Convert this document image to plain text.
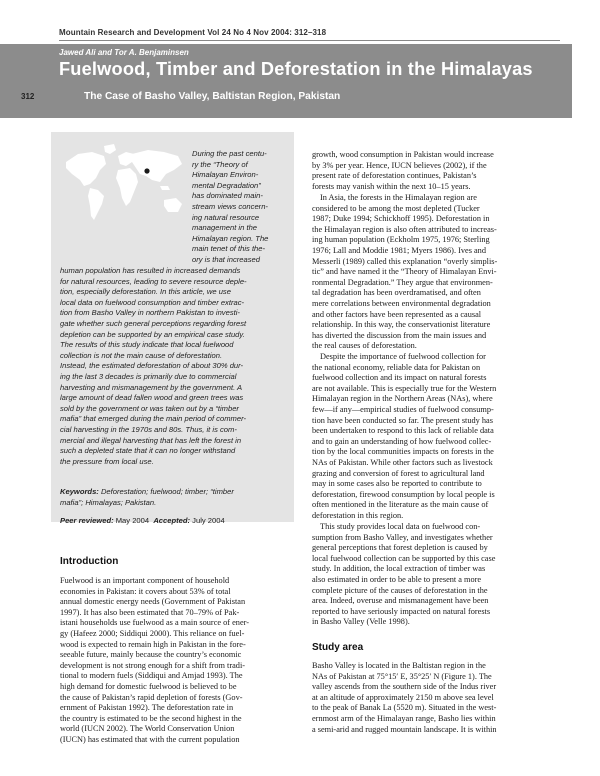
Mountain Research and Development Vol 24 No 4 Nov 2004: 312–318
Jawed Ali and Tor A. Benjaminsen
Fuelwood, Timber and Deforestation in the Himalayas
312	The Case of Basho Valley, Baltistan Region, Pakistan
During the past centu-
ry the “Theory of
Himalayan Environ-
mental Degradation”
has dominated main-
stream views concern-
ing natural resource
management in the
Himalayan region. The
main tenet of this the-
ory is that increased
human population has resulted in increased demands
for natural resources, leading to severe resource deple-
tion, especially deforestation. In this article, we use
local data on fuelwood consumption and timber extrac-
tion from Basho Valley in northern Pakistan to investi-
gate whether such general perceptions regarding forest
depletion can be supported by an empirical case study.
The results of this study indicate that local fuelwood
collection is not the main cause of deforestation.
Instead, the estimated deforestation of about 30% dur-
ing the last 3 decades is primarily due to commercial
harvesting and mismanagement by the government. A
large amount of dead fallen wood and green trees was
sold by the government or was taken out by a “timber
mafia” that emerged during the main period of commer-
cial harvesting in the 1970s and 80s. Thus, it is com-
mercial and illegal harvesting that has left the forest in
such a depleted state that it can no longer withstand
the pressure from local use.
Keywords: Deforestation; fuelwood; timber; “timber
mafia”; Himalayas; Pakistan.
Peer reviewed: May 2004 Accepted: July 2004
Introduction
Fuelwood is an important component of household
economies in Pakistan: it covers about 53% of total
annual domestic energy needs (Government of Pakistan
1997). It has also been estimated that 70–79% of Pak-
istani households use fuelwood as a main source of ener-
gy (Hafeez 2000; Siddiqui 2000). This reliance on fuel-
wood is expected to remain high in Pakistan in the fore-
seeable future, mainly because the country’s economic
development is not strong enough for a shift from tradi-
tional to modern fuels (Siddiqui and Amjad 1993). The
high demand for domestic fuelwood is believed to be
the cause of Pakistan’s rapid depletion of forests (Gov-
ernment of Pakistan 1992). The deforestation rate in
the country is estimated to be the second highest in the
world (IUCN 2002). The World Conservation Union
(IUCN) has estimated that with the current population
growth, wood consumption in Pakistan would increase
by 3% per year. Hence, IUCN believes (2002), if the
present rate of deforestation continues, Pakistan’s
forests may vanish within the next 10–15 years.
In Asia, the forests in the Himalayan region are
considered to be among the most depleted (Tucker
1987; Duke 1994; Schickhoff 1995). Deforestation in
the Himalayan region is also often attributed to increas-
ing human population (Eckholm 1975, 1976; Sterling
1976; Lall and Moddie 1981; Myers 1986). Ives and
Messerli (1989) called this explanation “overly simplis-
tic” and have named it the “Theory of Himalayan Envi-
ronmental Degradation.” They argue that environmen-
tal degradation has been overdramatised, and often
mere correlations between environmental degradation
and other factors have been represented as a causal
relationship. In this way, the conservationist literature
has diverted the discussion from the main issues and
the real causes of deforestation.
Despite the importance of fuelwood collection for
the national economy, reliable data for Pakistan on
fuelwood collection and its impact on natural forests
are not available. This is especially true for the Western
Himalayan region in the Northern Areas (NAs), where
few—if any—empirical studies of fuelwood consump-
tion have been conducted so far. The present study has
been undertaken to respond to this lack of reliable data
and to gain an understanding of how fuelwood collec-
tion by the local communities impacts on forests in the
NAs of Pakistan. While other factors such as livestock
grazing and conversion of forest to agricultural land
may in some cases also be reported to contribute to
deforestation, firewood consumption by local people is
often mentioned in the literature as the main cause of
deforestation in this region.
This study provides local data on fuelwood con-
sumption from Basho Valley, and investigates whether
general perceptions that forest depletion is caused by
local fuelwood collection can be supported by this case
study. In addition, the local extraction of timber was
also estimated in order to be able to present a more
complete picture of the causes of deforestation in the
area. Indeed, overuse and mismanagement have been
reported to have seriously impacted on natural forests
in Basho Valley (Velle 1998).
Study area
Basho Valley is located in the Baltistan region in the
NAs of Pakistan at 75°15′ E, 35°25′ N (Figure 1). The
valley ascends from the southern side of the Indus river
at an altitude of approximately 2150 m above sea level
to the peak of Banak La (5520 m). Situated in the west-
ernmost arm of the Himalayan range, Basho lies within
a semi-arid and rugged mountain landscape. It is within
